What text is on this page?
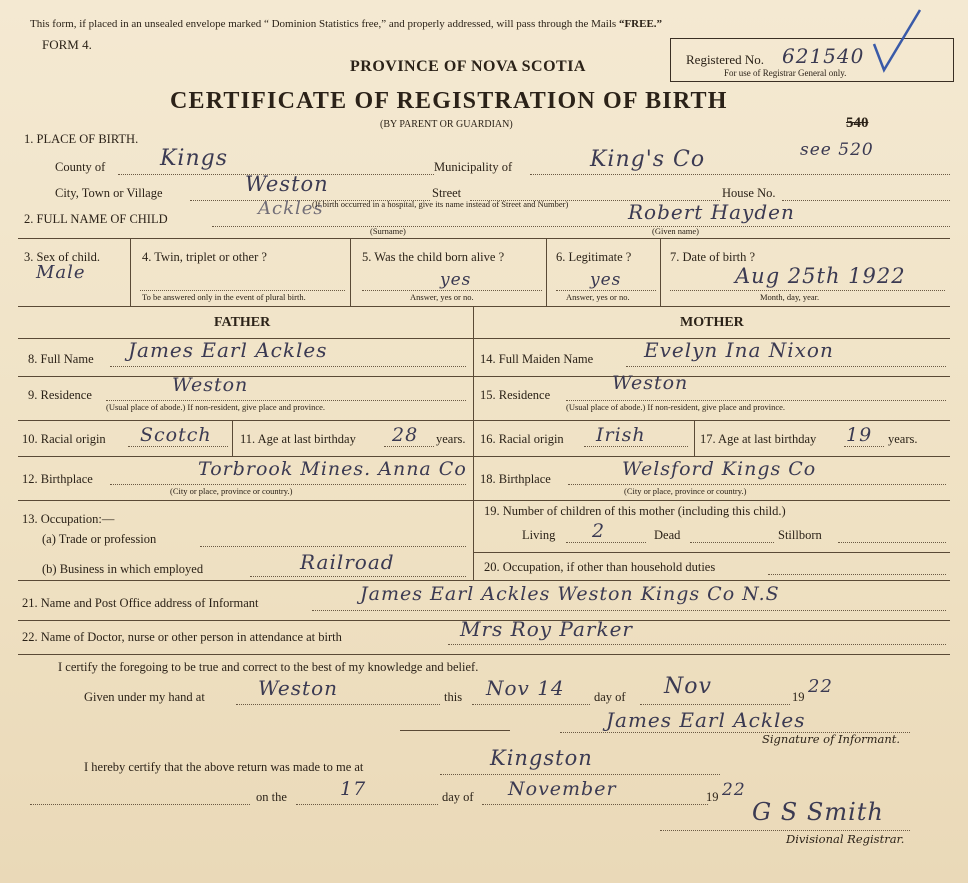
This form, if placed in an unsealed envelope marked “ Dominion Statistics free,” and properly addressed, will pass through the Mails “FREE.”
FORM 4.
PROVINCE OF NOVA SCOTIA
CERTIFICATE OF REGISTRATION OF BIRTH
(BY PARENT OR GUARDIAN)
Registered No. 621540
For use of Registrar General only.
540
see 520
1. PLACE OF BIRTH.
County of Kings	Municipality of	King's Co
City, Town or Village	Weston	Street
(If birth occurred in a hospital, give its name instead of Street and Number)
House No.
2. FULL NAME OF CHILD	Ackles	Robert Hayden
(Surname)	(Given name)
3. Sex of child.
Male
4. Twin, triplet or other ?
To be answered only in the event of plural birth.
5. Was the child born alive ?
yes
Answer, yes or no.
6. Legitimate ?
yes
Answer, yes or no.
7. Date of birth ?
Aug 25th 1922
Month, day, year.
FATHER	MOTHER
8. Full Name James Earl Ackles
9. Residence	Weston
(Usual place of abode.) If non-resident, give place and province.
10. Racial origin Scotch 11. Age at last birthday 28 years.
12. Birthplace	Torbrook Mines. Anna Co
(City or place, province or country.)
13. Occupation:—
(a) Trade or profession
(b) Business in which employed	Railroad
14. Full Maiden Name	Evelyn Ina Nixon
15. Residence
Weston
(Usual place of abode.) If non-resident, give place and province.
16. Racial origin Irish	17. Age at last birthday 19 years.
18. Birthplace	Welsford Kings Co
(City or place, province or country.)
19. Number of children of this mother (including this child.)
Living 2	Dead	Stillborn
20. Occupation, if other than household duties
21. Name and Post Office address of Informant	James Earl Ackles Weston Kings Co N.S
22. Name of Doctor, nurse or other person in attendance at birth	Mrs Roy Parker
I certify the foregoing to be true and correct to the best of my knowledge and belief.
Given under my hand at	Weston	this Nov 14 day of Nov	19 22
James Earl Ackles
Signature of Informant.
I hereby certify that the above return was made to me at	Kingston
on the	17	day of November	19 22
G S Smith
Divisional Registrar.
